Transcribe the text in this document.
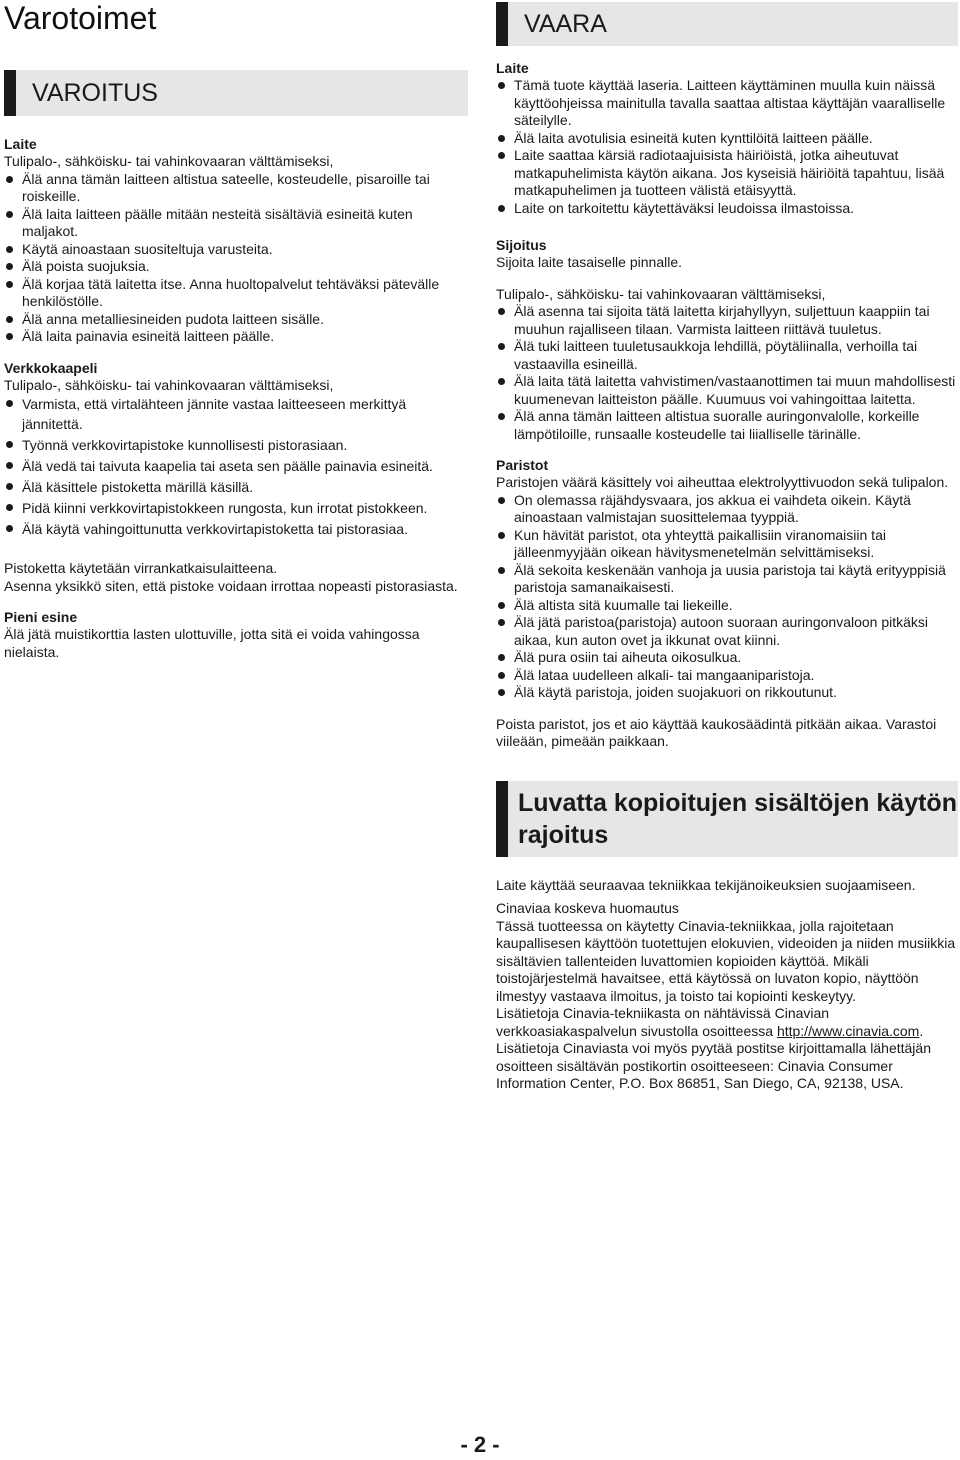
Varotoimet
VAROITUS

Laite

Tulipalo-, sähköisku- tai vahinkovaaran välttämiseksi,

Älä anna tämän laitteen altistua sateelle, kosteudelle, pisaroille tai roiskeille.
Älä laita laitteen päälle mitään nesteitä sisältäviä esineitä kuten maljakot.
Käytä ainoastaan suositeltuja varusteita.
Älä poista suojuksia.
Älä korjaa tätä laitetta itse. Anna huoltopalvelut tehtäväksi pätevälle henkilöstölle.
Älä anna metalliesineiden pudota laitteen sisälle.
Älä laita painavia esineitä laitteen päälle.

Verkkokaapeli

Tulipalo-, sähköisku- tai vahinkovaaran välttämiseksi,

Varmista, että virtalähteen jännite vastaa laitteeseen merkittyä jännitettä.
Työnnä verkkovirtapistoke kunnollisesti pistorasiaan.
Älä vedä tai taivuta kaapelia tai aseta sen päälle painavia esineitä.
Älä käsittele pistoketta märillä käsillä.
Pidä kiinni verkkovirtapistokkeen rungosta, kun irrotat pistokkeen.
Älä käytä vahingoittunutta verkkovirtapistoketta tai pistorasiaa.

Pistoketta käytetään virrankatkaisulaitteena.

Asenna yksikkö siten, että pistoke voidaan irrottaa nopeasti pistorasiasta.

Pieni esine

Älä jätä muistikorttia lasten ulottuville, jotta sitä ei voida vahingossa nielaista.

VAARA

Laite

Tämä tuote käyttää laseria. Laitteen käyttäminen muulla kuin näissä käyttöohjeissa mainitulla tavalla saattaa altistaa käyttäjän vaaralliselle säteilylle.
Älä laita avotulisia esineitä kuten kynttilöitä laitteen päälle.
Laite saattaa kärsiä radiotaajuisista häiriöistä, jotka aiheutuvat matkapuhelimista käytön aikana. Jos kyseisiä häiriöitä tapahtuu, lisää matkapuhelimen ja tuotteen välistä etäisyyttä.
Laite on tarkoitettu käytettäväksi leudoissa ilmastoissa.

Sijoitus

Sijoita laite tasaiselle pinnalle.

Tulipalo-, sähköisku- tai vahinkovaaran välttämiseksi,

Älä asenna tai sijoita tätä laitetta kirjahyllyyn, suljettuun kaappiin tai muuhun rajalliseen tilaan. Varmista laitteen riittävä tuuletus.
Älä tuki laitteen tuuletusaukkoja lehdillä, pöytäliinalla, verhoilla tai vastaavilla esineillä.
Älä laita tätä laitetta vahvistimen/vastaanottimen tai muun mahdollisesti kuumenevan laitteiston päälle. Kuumuus voi vahingoittaa laitetta.
Älä anna tämän laitteen altistua suoralle auringonvalolle, korkeille lämpötiloille, runsaalle kosteudelle tai liialliselle tärinälle.

Paristot

Paristojen väärä käsittely voi aiheuttaa elektrolyyttivuodon sekä tulipalon.

On olemassa räjähdysvaara, jos akkua ei vaihdeta oikein. Käytä ainoastaan valmistajan suosittelemaa tyyppiä.
Kun hävität paristot, ota yhteyttä paikallisiin viranomaisiin tai jälleenmyyjään oikean hävitysmenetelmän selvittämiseksi.
Älä sekoita keskenään vanhoja ja uusia paristoja tai käytä erityyppisiä paristoja samanaikaisesti.
Älä altista sitä kuumalle tai liekeille.
Älä jätä paristoa(paristoja) autoon suoraan auringonvaloon pitkäksi aikaa, kun auton ovet ja ikkunat ovat kiinni.
Älä pura osiin tai aiheuta oikosulkua.
Älä lataa uudelleen alkali- tai mangaaniparistoja.
Älä käytä paristoja, joiden suojakuori on rikkoutunut.

Poista paristot, jos et aio käyttää kaukosäädintä pitkään aikaa. Varastoi viileään, pimeään paikkaan.

Luvatta kopioitujen sisältöjen käytön rajoitus

Laite käyttää seuraavaa tekniikkaa tekijänoikeuksien suojaamiseen.

Cinaviaa koskeva huomautus

Tässä tuotteessa on käytetty Cinavia-tekniikkaa, jolla rajoitetaan kaupallisesen käyttöön tuotettujen elokuvien, videoiden ja niiden musiikkia sisältävien tallenteiden luvattomien kopioiden käyttöä. Mikäli toistojärjestelmä havaitsee, että käytössä on luvaton kopio, näyttöön ilmestyy vastaava ilmoitus, ja toisto tai kopiointi keskeytyy.

Lisätietoja Cinavia-tekniikasta on nähtävissä Cinavian verkkoasiakaspalvelun sivustolla osoitteessa http://www.cinavia.com. Lisätietoja Cinaviasta voi myös pyytää postitse kirjoittamalla lähettäjän osoitteen sisältävän postikortin osoitteeseen: Cinavia Consumer Information Center, P.O. Box 86851, San Diego, CA, 92138, USA.

- 2 -
